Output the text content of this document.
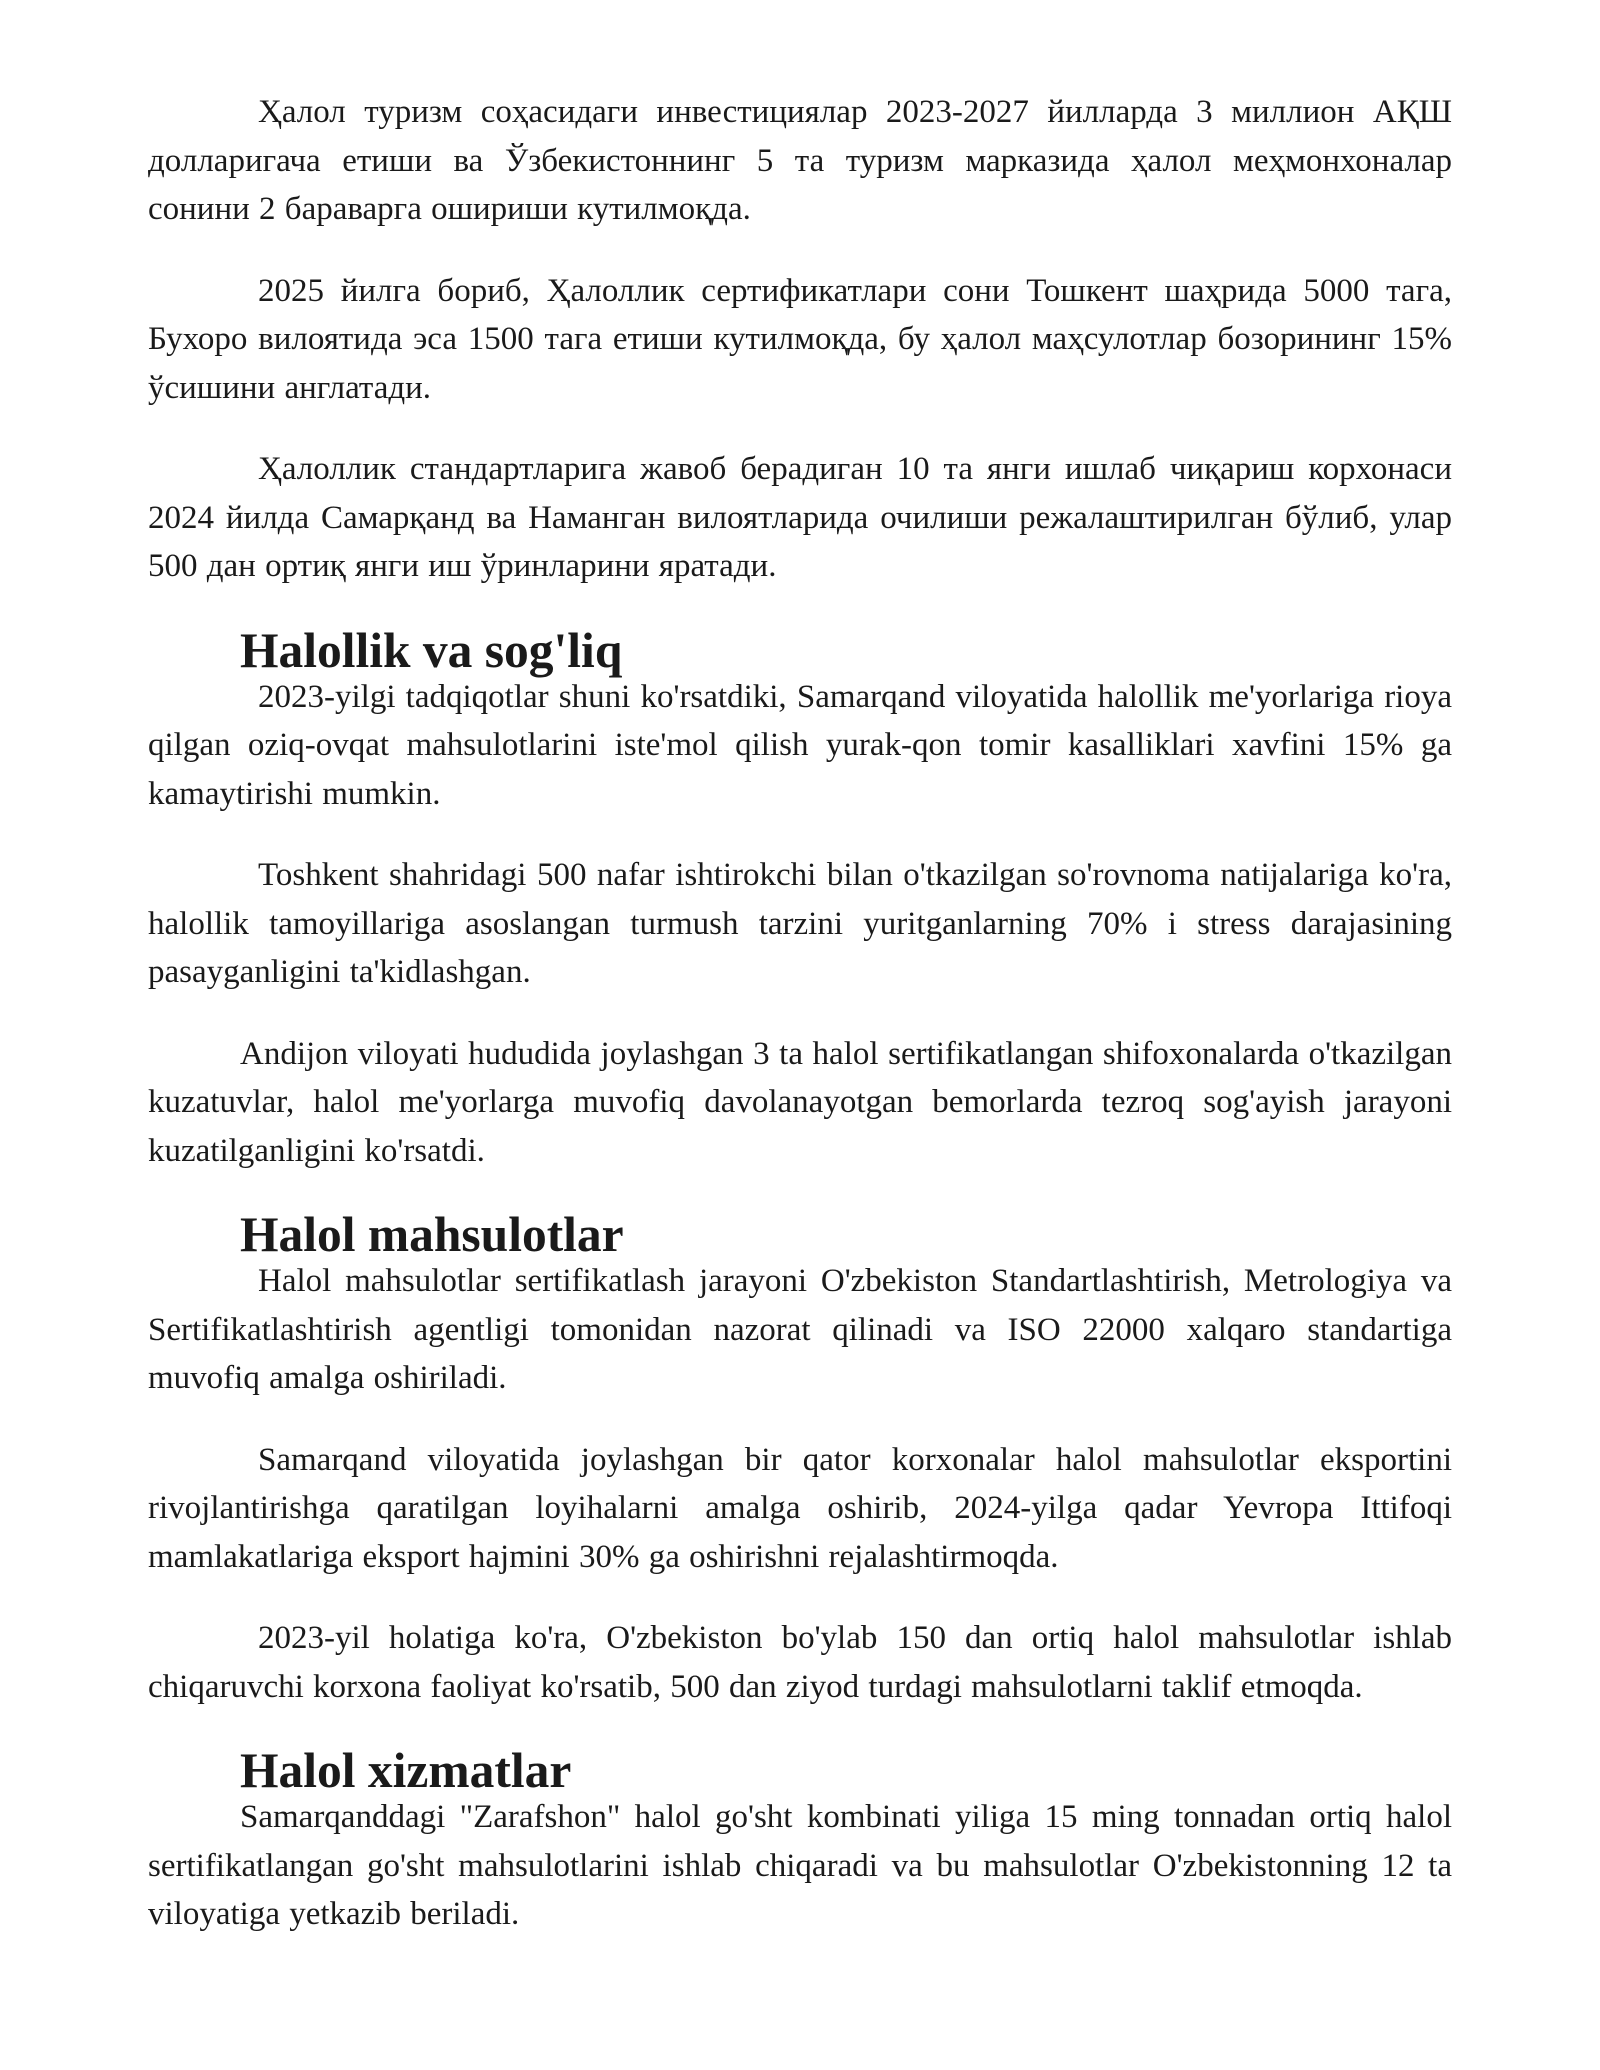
Ҳалол туризм соҳасидаги инвестициялар 2023-2027 йилларда 3 миллион АҚШ долларигача етиши ва Ўзбекистоннинг 5 та туризм марказида ҳалол меҳмонхоналар сонини 2 бараварга ошириши кутилмоқда.

2025 йилга бориб, Ҳалоллик сертификатлари сони Тошкент шаҳрида 5000 тага, Бухоро вилоятида эса 1500 тага етиши кутилмоқда, бу ҳалол маҳсулотлар бозорининг 15% ўсишини англатади.

Ҳалоллик стандартларига жавоб берадиган 10 та янги ишлаб чиқариш корхонаси 2024 йилда Самарқанд ва Наманган вилоятларида очилиши режалаштирилган бўлиб, улар 500 дан ортиқ янги иш ўринларини яратади.

Halollik va sog'liq

2023-yilgi tadqiqotlar shuni ko'rsatdiki, Samarqand viloyatida halollik me'yorlariga rioya qilgan oziq-ovqat mahsulotlarini iste'mol qilish yurak-qon tomir kasalliklari xavfini 15% ga kamaytirishi mumkin.

Toshkent shahridagi 500 nafar ishtirokchi bilan o'tkazilgan so'rovnoma natijalariga ko'ra, halollik tamoyillariga asoslangan turmush tarzini yuritganlarning 70% i stress darajasining pasayganligini ta'kidlashgan.

Andijon viloyati hududida joylashgan 3 ta halol sertifikatlangan shifoxonalarda o'tkazilgan kuzatuvlar, halol me'yorlarga muvofiq davolanayotgan bemorlarda tezroq sog'ayish jarayoni kuzatilganligini ko'rsatdi.

Halol mahsulotlar

Halol mahsulotlar sertifikatlash jarayoni O'zbekiston Standartlashtirish, Metrologiya va Sertifikatlashtirish agentligi tomonidan nazorat qilinadi va ISO 22000 xalqaro standartiga muvofiq amalga oshiriladi.

Samarqand viloyatida joylashgan bir qator korxonalar halol mahsulotlar eksportini rivojlantirishga qaratilgan loyihalarni amalga oshirib, 2024-yilga qadar Yevropa Ittifoqi mamlakatlariga eksport hajmini 30% ga oshirishni rejalashtirmoqda.

2023-yil holatiga ko'ra, O'zbekiston bo'ylab 150 dan ortiq halol mahsulotlar ishlab chiqaruvchi korxona faoliyat ko'rsatib, 500 dan ziyod turdagi mahsulotlarni taklif etmoqda.

Halol xizmatlar

Samarqanddagi "Zarafshon" halol go'sht kombinati yiliga 15 ming tonnadan ortiq halol sertifikatlangan go'sht mahsulotlarini ishlab chiqaradi va bu mahsulotlar O'zbekistonning 12 ta viloyatiga yetkazib beriladi.
